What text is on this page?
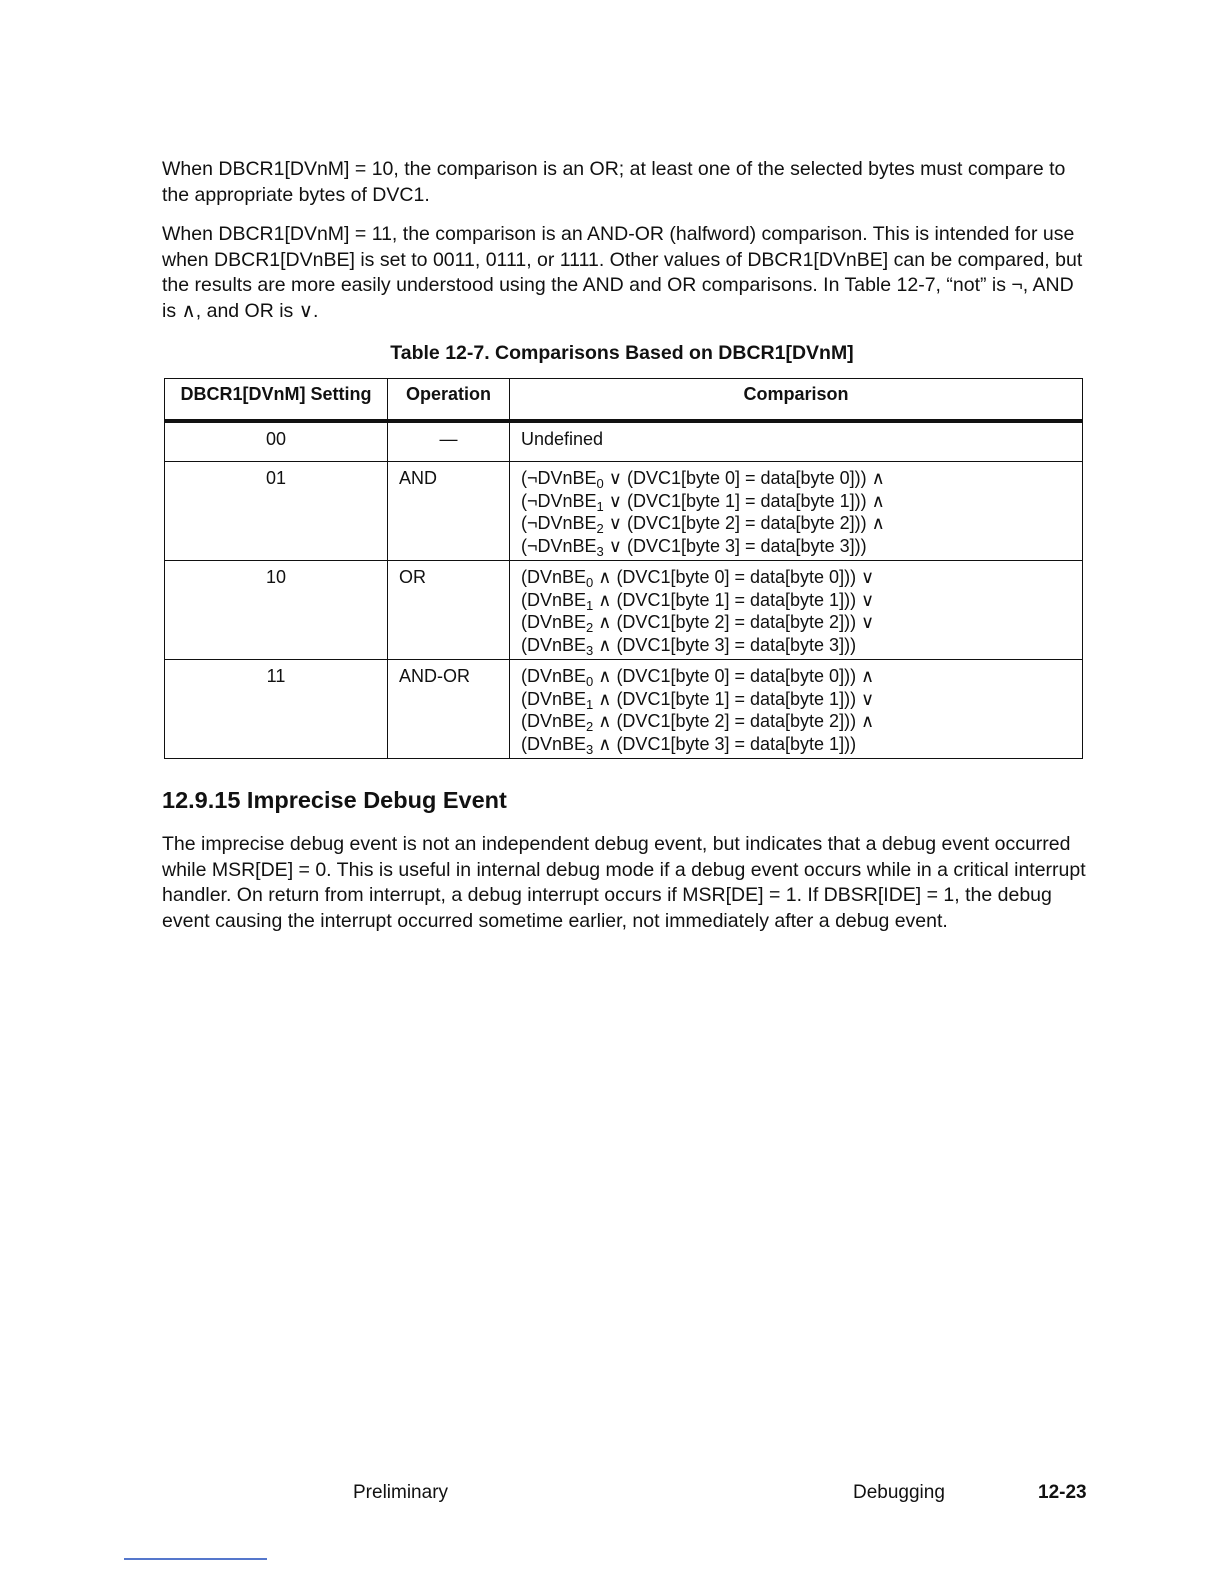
When DBCR1[DVnM] = 10, the comparison is an OR; at least one of the selected bytes must compare to the appropriate bytes of DVC1.

When DBCR1[DVnM] = 11, the comparison is an AND-OR (halfword) comparison. This is intended for use when DBCR1[DVnBE] is set to 0011, 0111, or 1111. Other values of DBCR1[DVnBE] can be compared, but the results are more easily understood using the AND and OR comparisons. In Table 12-7, “not” is ¬, AND is ∧, and OR is ∨.

Table 12-7. Comparisons Based on DBCR1[DVnM]

DBCR1[DVnM] Setting	Operation	Comparison
00	—	Undefined

01	AND	(¬DVnBE$_0$ ∨ (DVC1[byte 0] = data[byte 0])) ∧
(¬DVnBE$_1$ ∨ (DVC1[byte 1] = data[byte 1])) ∧
(¬DVnBE$_2$ ∨ (DVC1[byte 2] = data[byte 2])) ∧
(¬DVnBE$_3$ ∨ (DVC1[byte 3] = data[byte 3]))

10	OR	(DVnBE$_0$ ∧ (DVC1[byte 0] = data[byte 0])) ∨
(DVnBE$_1$ ∧ (DVC1[byte 1] = data[byte 1])) ∨
(DVnBE$_2$ ∧ (DVC1[byte 2] = data[byte 2])) ∨
(DVnBE$_3$ ∧ (DVC1[byte 3] = data[byte 3]))

11	AND-OR	(DVnBE$_0$ ∧ (DVC1[byte 0] = data[byte 0])) ∧
(DVnBE$_1$ ∧ (DVC1[byte 1] = data[byte 1])) ∨
(DVnBE$_2$ ∧ (DVC1[byte 2] = data[byte 2])) ∧
(DVnBE$_3$ ∧ (DVC1[byte 3] = data[byte 1]))
12.9.15 Imprecise Debug Event

The imprecise debug event is not an independent debug event, but indicates that a debug event occurred while MSR[DE] = 0. This is useful in internal debug mode if a debug event occurs while in a critical interrupt handler. On return from interrupt, a debug interrupt occurs if MSR[DE] = 1. If DBSR[IDE] = 1, the debug event causing the interrupt occurred sometime earlier, not immediately after a debug event.

Preliminary	Debugging	12-23
